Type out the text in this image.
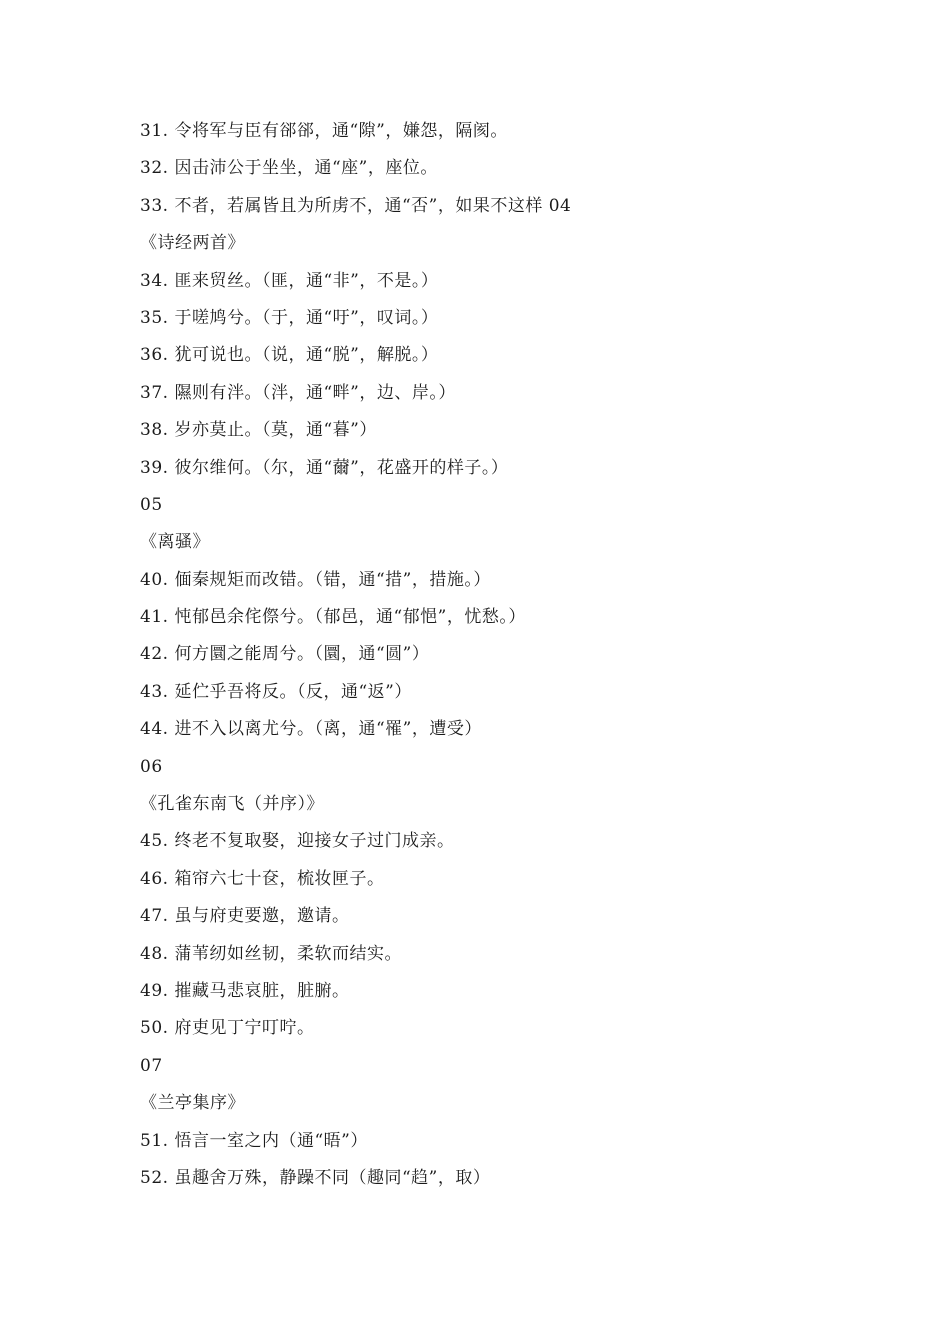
31. 令将军与臣有郤郤，通“隙”，嫌怨，隔阂。
32. 因击沛公于坐坐，通“座”，座位。
33. 不者，若属皆且为所虏不，通“否”，如果不这样 04
《诗经两首》
34. 匪来贸丝。（匪，通“非”，不是。）
35. 于嗟鸠兮。（于，通“吁”，叹词。）
36. 犹可说也。（说，通“脱”，解脱。）
37. 隰则有泮。（泮，通“畔”，边、岸。）
38. 岁亦莫止。（莫，通“暮”）
39. 彼尔维何。（尔，通“薾”，花盛开的样子。）
05
《离骚》
40. 偭秦规矩而改错。（错，通“措”，措施。）
41. 忳郁邑余侘傺兮。（郁邑，通“郁悒”，忧愁。）
42. 何方圜之能周兮。（圜，通“圆”）
43. 延伫乎吾将反。（反，通“返”）
44. 进不入以离尤兮。（离，通“罹”，遭受）
06
《孔雀东南飞（并序）》
45. 终老不复取娶，迎接女子过门成亲。
46. 箱帘六七十奁，梳妆匣子。
47. 虽与府吏要邀，邀请。
48. 蒲苇纫如丝韧，柔软而结实。
49. 摧藏马悲哀脏，脏腑。
50. 府吏见丁宁叮咛。
07
《兰亭集序》
51. 悟言一室之内（通“晤”）
52. 虽趣舍万殊，静躁不同（趣同“趋”，取）
